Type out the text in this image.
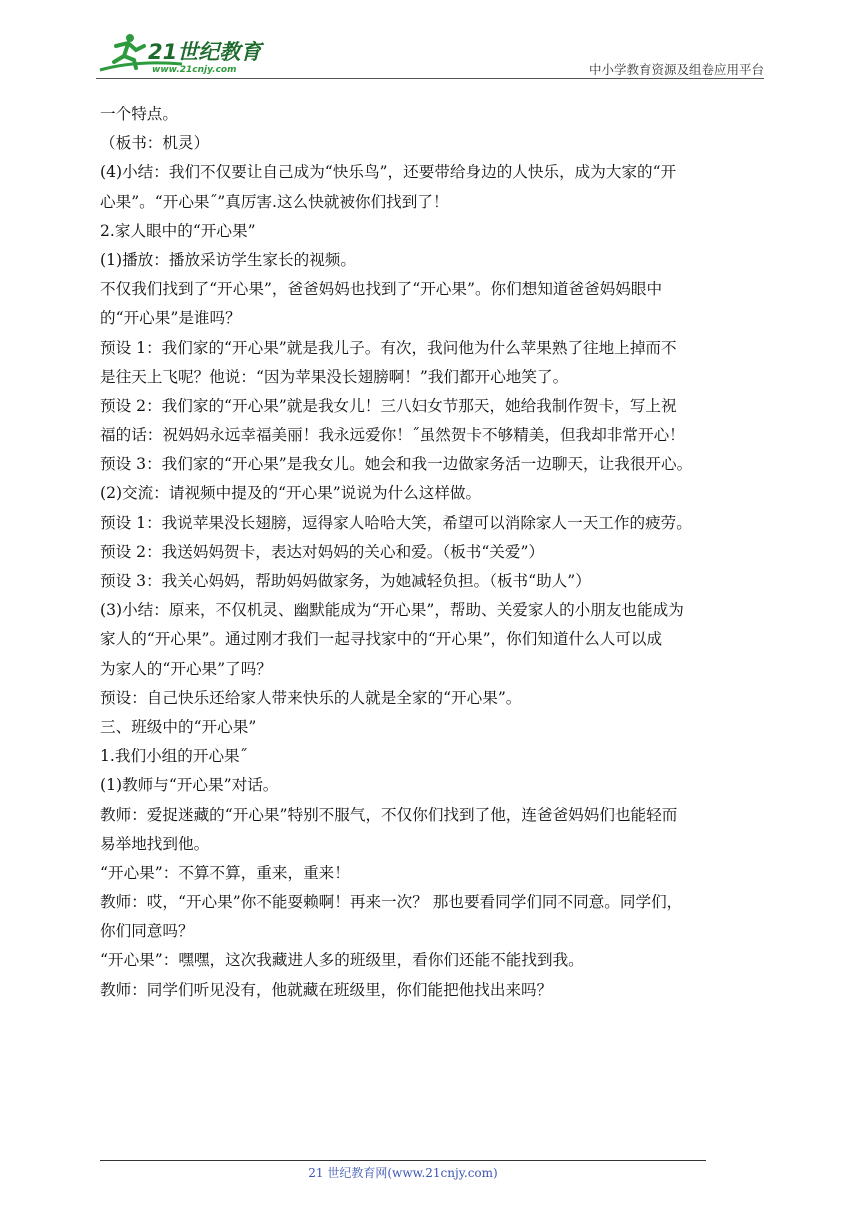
21世纪教育
www.21cnjy.com	中小学教育资源及组卷应用平台
一个特点。
（板书：机灵）
(4)小结：我们不仅要让自己成为“快乐鸟”，还要带给身边的人快乐，成为大家的“开
心果”。“开心果˝”真厉害.这么快就被你们找到了！
2.家人眼中的“开心果”
(1)播放：播放采访学生家长的视频。
不仅我们找到了“开心果”，爸爸妈妈也找到了“开心果”。你们想知道爸爸妈妈眼中
的“开心果”是谁吗？
预设 1：我们家的“开心果”就是我儿子。有次，我问他为什么苹果熟了往地上掉而不
是往天上飞呢？他说：“因为苹果没长翅膀啊！”我们都开心地笑了。
预设 2：我们家的“开心果”就是我女儿！三八妇女节那天，她给我制作贺卡，写上祝
福的话：祝妈妈永远幸福美丽！我永远爱你！˝虽然贺卡不够精美，但我却非常开心！
预设 3：我们家的“开心果”是我女儿。她会和我一边做家务活一边聊天，让我很开心。
(2)交流：请视频中提及的“开心果”说说为什么这样做。
预设 1：我说苹果没长翅膀，逗得家人哈哈大笑，希望可以消除家人一天工作的疲劳。
预设 2：我送妈妈贺卡，表达对妈妈的关心和爱。（板书“关爱”）
预设 3：我关心妈妈，帮助妈妈做家务，为她减轻负担。（板书“助人”）
(3)小结：原来，不仅机灵、幽默能成为“开心果”，帮助、关爱家人的小朋友也能成为
家人的“开心果”。通过刚才我们一起寻找家中的“开心果”，你们知道什么人可以成
为家人的“开心果”了吗？
预设：自己快乐还给家人带来快乐的人就是全家的“开心果”。
三、班级中的“开心果”
1.我们小组的开心果˝
(1)教师与“开心果”对话。
教师：爱捉迷藏的“开心果”特别不服气，不仅你们找到了他，连爸爸妈妈们也能轻而
易举地找到他。
“开心果”：不算不算，重来，重来！
教师：哎，“开心果”你不能耍赖啊！再来一次？ 那也要看同学们同不同意。同学们，
你们同意吗？
“开心果”：嘿嘿，这次我藏进人多的班级里，看你们还能不能找到我。
教师：同学们听见没有，他就藏在班级里，你们能把他找出来吗？
21 世纪教育网(www.21cnjy.com)
